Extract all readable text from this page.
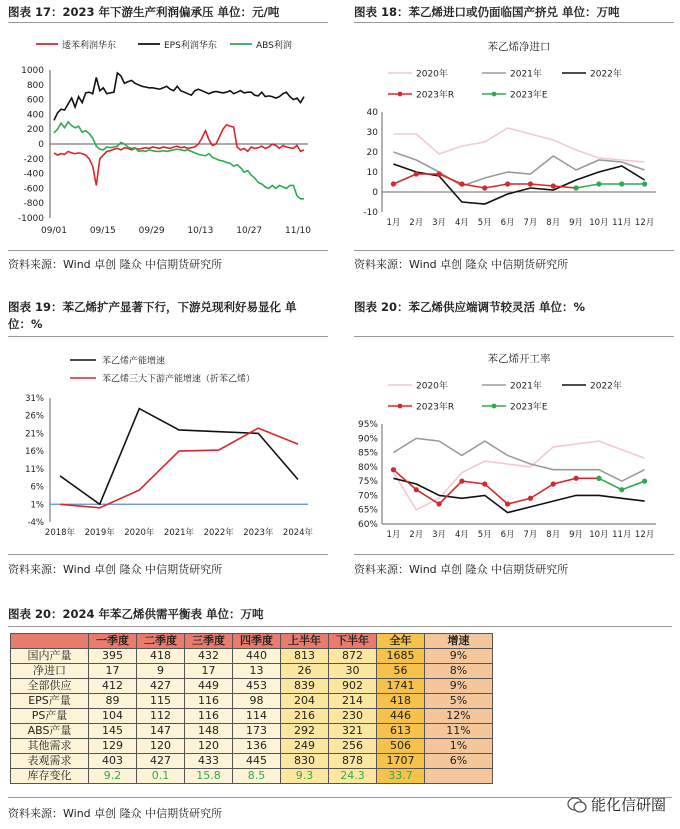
图表 17：2023 年下游生产利润偏承压 单位：元/吨
逶苯利润华东	EPS利润华东	ABS利润
-1000
-800
-600
-400
-200
0
200
400
600
800
1000
09/01	09/15	09/29	10/13	10/27	11/10
资料来源：Wind 卓创 隆众 中信期货研究所
图表 18：苯乙烯进口或仍面临国产挤兑 单位：万吨
苯乙烯净进口
2020年	2021年	2022年
2023年R	2023年E
-10
0
10
20
30
40
1月 2月 3月 4月 5月 6月 7月 8月 9月 10月 11月 12月
资料来源：Wind 卓创 隆众 中信期货研究所
图表 19：苯乙烯扩产显著下行，下游兑现利好易显化 单
位：%
苯乙烯产能增速
苯乙烯三大下游产能增速（折苯乙烯）
31%
26%
21%
16%
11%
6%
1%
-4%
2018年 2019年 2020年 2021年 2022年 2023年 2024年
资料来源：Wind 卓创 隆众 中信期货研究所
图表 20：苯乙烯供应端调节较灵活 单位：%
苯乙烯开工率
2020年	2021年	2022年
2023年R	2023年E
95%
90%
85%
80%
75%
70%
65%
60%
1月 2月 3月 4月 5月 6月 7月 8月 9月 10月 11月 12月
资料来源：Wind 卓创 隆众 中信期货研究所
图表 20：2024 年苯乙烯供需平衡表 单位：万吨
	一季度	二季度	三季度	四季度	上半年	下半年	全年	增速
国内产量	395	418	432	440	813	872	1685	9%
净进口	17	9	17	13	26	30	56	8%
全部供应	412	427	449	453	839	902	1741	9%
EPS产量	89	115	116	98	204	214	418	5%
PS产量	104	112	116	114	216	230	446	12%
ABS产量	145	147	148	173	292	321	613	11%
其他需求	129	120	120	136	249	256	506	1%
表观需求	403	427	433	445	830	878	1707	6%
库存变化	9.2	0.1	15.8	8.5	9.3	24.3	33.7	
资料来源：Wind 卓创 隆众 中信期货研究所	能化信研圈
